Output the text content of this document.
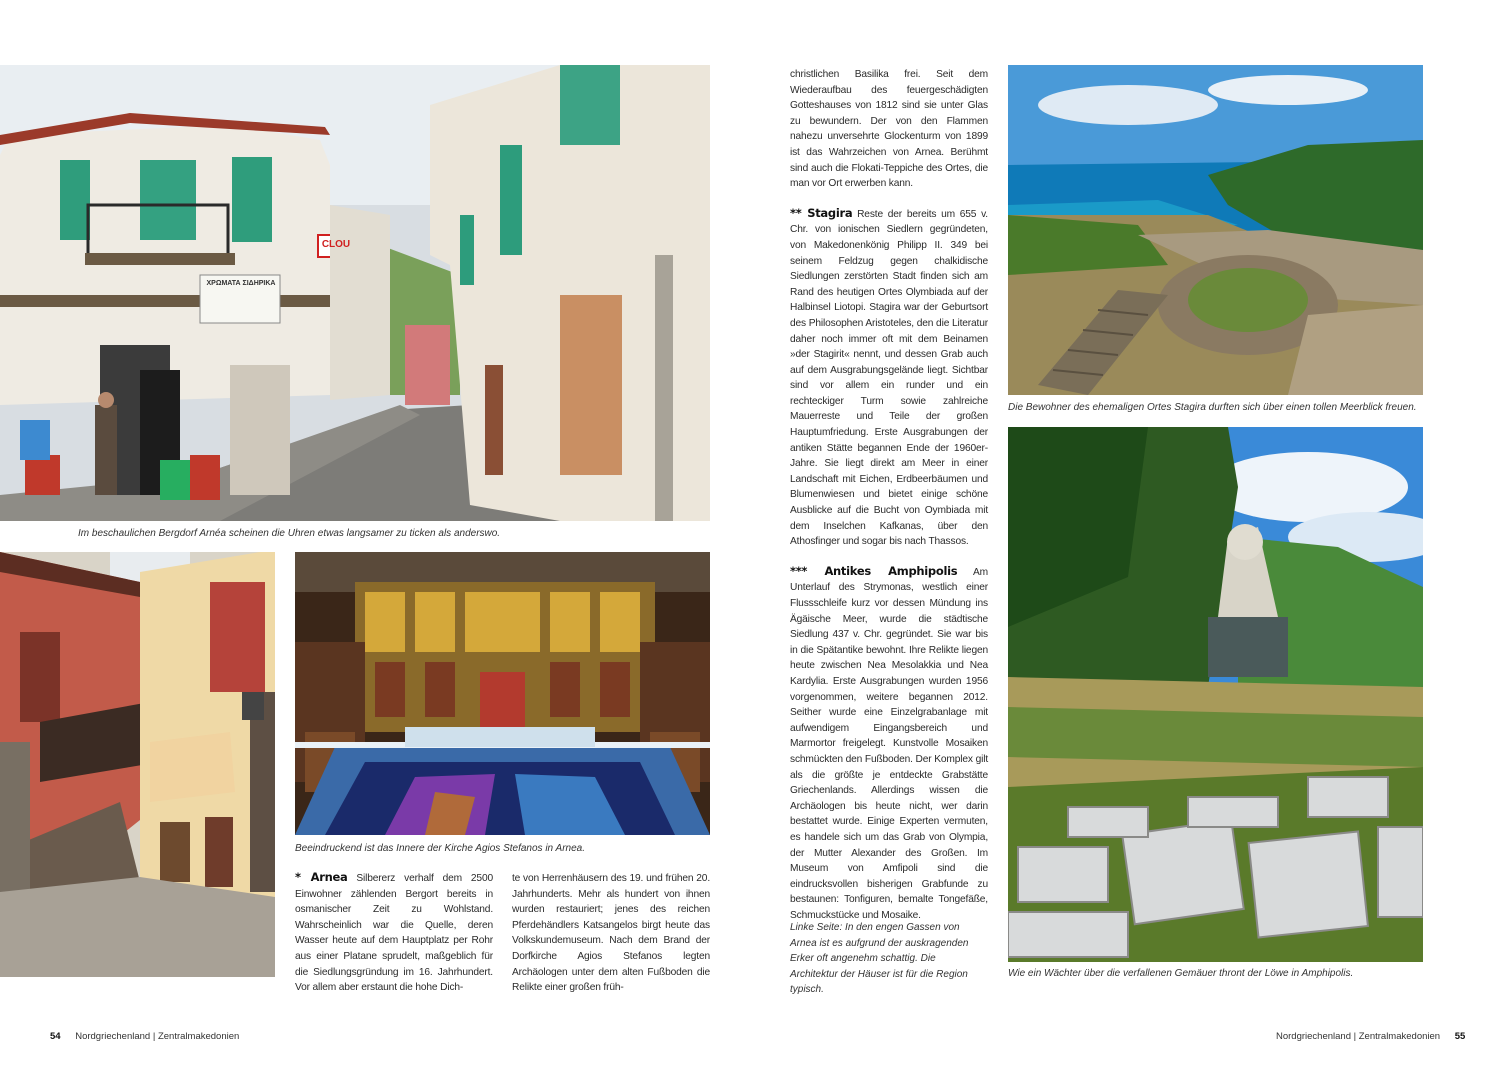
ΧΡΩΜΑΤΑ ΣΙΔΗΡΙΚΑ
CLOU
Im beschaulichen Bergdorf Arnéa scheinen die Uhren etwas langsamer zu ticken als anderswo.
Beeindruckend ist das Innere der Kirche Agios Stefanos in Arnea.
* Arnea Silbererz verhalf dem 2500 Einwohner zählenden Bergort bereits in osmanischer Zeit zu Wohlstand. Wahrscheinlich war die Quelle, deren Wasser heute auf dem Hauptplatz per Rohr aus einer Platane sprudelt, maßgeblich für die Siedlungsgründung im 16. Jahrhundert. Vor allem aber erstaunt die hohe Dich-
te von Herrenhäusern des 19. und frühen 20. Jahrhunderts. Mehr als hundert von ihnen wurden restauriert; jenes des reichen Pferdehändlers Katsangelos birgt heute das Volkskundemuseum. Nach dem Brand der Dorfkirche Agios Stefanos legten Archäologen unter dem alten Fußboden die Relikte einer großen früh-
54 Nordgriechenland | Zentralmakedonien

christlichen Basilika frei. Seit dem Wiederaufbau des feuergeschädigten Gotteshauses von 1812 sind sie unter Glas zu bewundern. Der von den Flammen nahezu unversehrte Glockenturm von 1899 ist das Wahrzeichen von Arnea. Berühmt sind auch die Flokati-Teppiche des Ortes, die man vor Ort erwerben kann.

** Stagira Reste der bereits um 655 v. Chr. von ionischen Siedlern gegründeten, von Makedonenkönig Philipp II. 349 bei seinem Feldzug gegen chalkidische Siedlungen zerstörten Stadt finden sich am Rand des heutigen Ortes Olymbiada auf der Halbinsel Liotopi. Stagira war der Geburtsort des Philosophen Aristoteles, den die Literatur daher noch immer oft mit dem Beinamen »der Stagirit« nennt, und dessen Grab auch auf dem Ausgrabungsgelände liegt. Sichtbar sind vor allem ein runder und ein rechteckiger Turm sowie zahlreiche Mauerreste und Teile der großen Hauptumfriedung. Erste Ausgrabungen der antiken Stätte begannen Ende der 1960er-Jahre. Sie liegt direkt am Meer in einer Landschaft mit Eichen, Erdbeerbäumen und Blumenwiesen und bietet einige schöne Ausblicke auf die Bucht von Oymbiada mit dem Inselchen Kafkanas, über den Athosfinger und sogar bis nach Thassos.

*** Antikes Amphipolis Am Unterlauf des Strymonas, westlich einer Flussschleife kurz vor dessen Mündung ins Ägäische Meer, wurde die städtische Siedlung 437 v. Chr. gegründet. Sie war bis in die Spätantike bewohnt. Ihre Relikte liegen heute zwischen Nea Mesolakkia und Nea Kardylia. Erste Ausgrabungen wurden 1956 vorgenommen, weitere begannen 2012. Seither wurde eine Einzelgrabanlage mit aufwendigem Eingangsbereich und Marmortor freigelegt. Kunstvolle Mosaiken schmückten den Fußboden. Der Komplex gilt als die größte je entdeckte Grabstätte Griechenlands. Allerdings wissen die Archäologen bis heute nicht, wer darin bestattet wurde. Einige Experten vermuten, es handele sich um das Grab von Olympia, der Mutter Alexander des Großen. Im Museum von Amfipoli sind die eindrucksvollen bisherigen Grabfunde zu bestaunen: Tonfiguren, bemalte Tongefäße, Schmuckstücke und Mosaike.

Linke Seite: In den engen Gassen von Arnea ist es aufgrund der auskragenden Erker oft angenehm schattig. Die Architektur der Häuser ist für die Region typisch.
Die Bewohner des ehemaligen Ortes Stagira durften sich über einen tollen Meerblick freuen.
Wie ein Wächter über die verfallenen Gemäuer thront der Löwe in Amphipolis.
Nordgriechenland | Zentralmakedonien 55
